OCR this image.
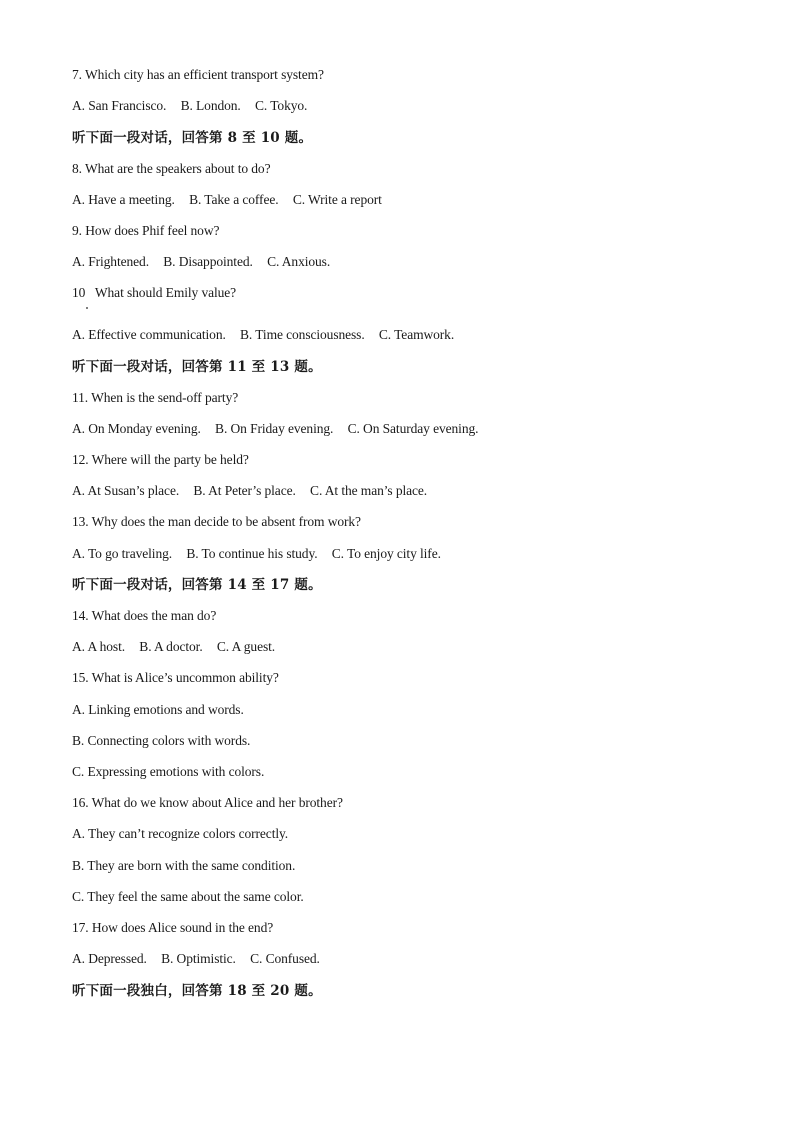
7. Which city has an efficient transport system?
A. San Francisco. B. London. C. Tokyo.
听下面一段对话，回答第 8 至 10 题。
8. What are the speakers about to do?
A. Have a meeting. B. Take a coffee. C. Write a report
9. How does Phif feel now?
A. Frightened. B. Disappointed. C. Anxious.
10   What should Emily value?
A. Effective communication. B. Time consciousness. C. Teamwork.
听下面一段对话，回答第 11 至 13 题。
11. When is the send-off party?
A. On Monday evening. B. On Friday evening. C. On Saturday evening.
12. Where will the party be held?
A. At Susan’s place. B. At Peter’s place. C. At the man’s place.
13. Why does the man decide to be absent from work?
A. To go traveling. B. To continue his study. C. To enjoy city life.
听下面一段对话，回答第 14 至 17 题。
14. What does the man do?
A. A host. B. A doctor. C. A guest.
15. What is Alice’s uncommon ability?
A. Linking emotions and words.
B. Connecting colors with words.
C. Expressing emotions with colors.
16. What do we know about Alice and her brother?
A. They can’t recognize colors correctly.
B. They are born with the same condition.
C. They feel the same about the same color.
17. How does Alice sound in the end?
A. Depressed. B. Optimistic. C. Confused.
听下面一段独白，回答第 18 至 20 题。
